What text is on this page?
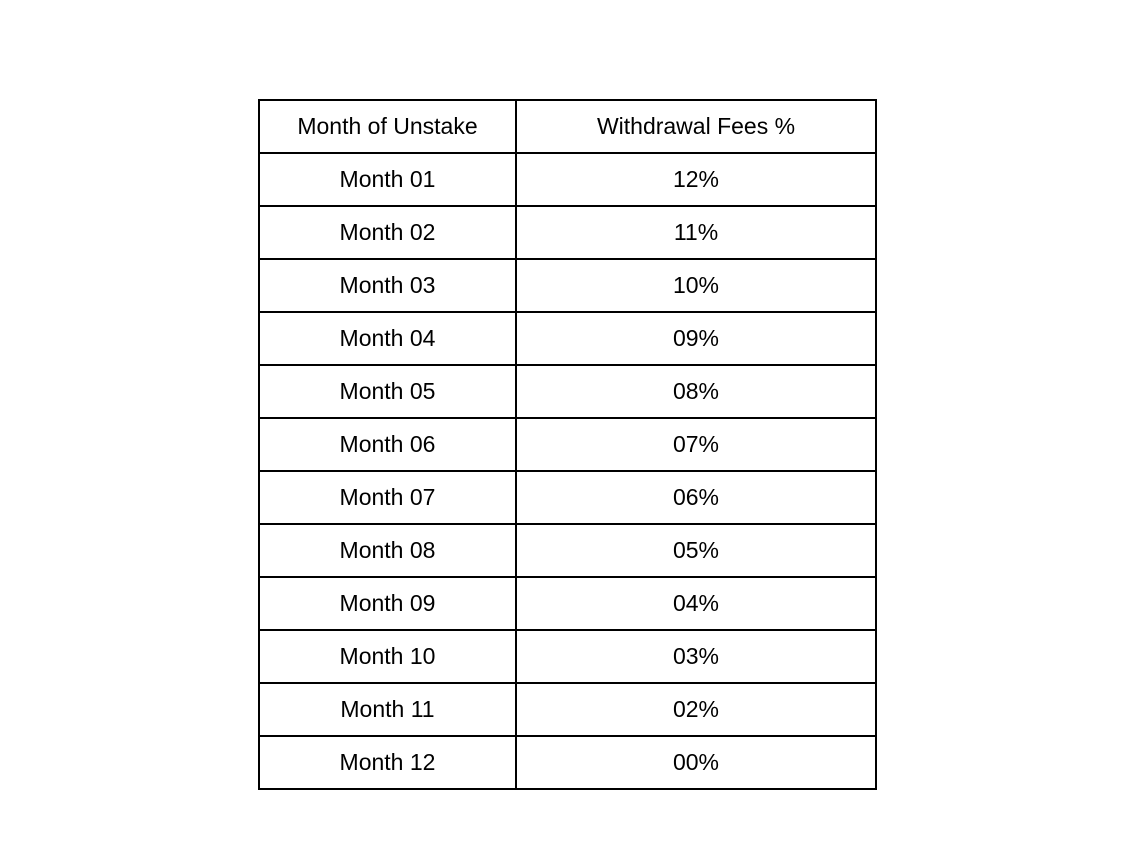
Month of Unstake	Withdrawal Fees %
Month 01	12%
Month 02	11%
Month 03	10%
Month 04	09%
Month 05	08%
Month 06	07%
Month 07	06%
Month 08	05%
Month 09	04%
Month 10	03%
Month 11	02%
Month 12	00%
